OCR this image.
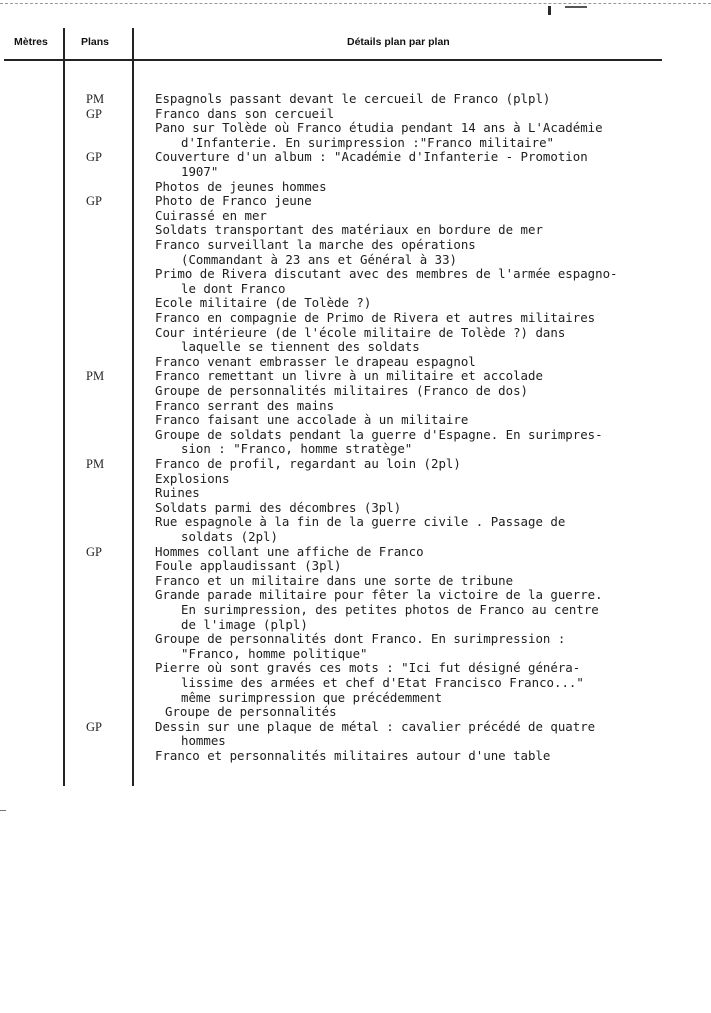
Mètres	Plans	Détails plan par plan
Espagnols passant devant le cercueil de Franco (plpl)
PM
Franco dans son cercueil
GP
Pano sur Tolède où Franco étudia pendant 14 ans à L'Académie
d'Infanterie. En surimpression :"Franco militaire"
Couverture d'un album : "Académie d'Infanterie - Promotion
GP
1907"
Photos de jeunes hommes
Photo de Franco jeune
GP
Cuirassé en mer
Soldats transportant des matériaux en bordure de mer
Franco surveillant la marche des opérations
(Commandant à 23 ans et Général à 33)
Primo de Rivera discutant avec des membres de l'armée espagno-
le dont Franco
Ecole militaire (de Tolède ?)
Franco en compagnie de Primo de Rivera et autres militaires
Cour intérieure (de l'école militaire de Tolède ?) dans
laquelle se tiennent des soldats
Franco venant embrasser le drapeau espagnol
Franco remettant un livre à un militaire et accolade
PM
Groupe de personnalités militaires (Franco de dos)
Franco serrant des mains
Franco faisant une accolade à un militaire
Groupe de soldats pendant la guerre d'Espagne. En surimpres-
sion : "Franco, homme stratège"
Franco de profil, regardant au loin (2pl)
PM
Explosions
Ruines
Soldats parmi des décombres (3pl)
Rue espagnole à la fin de la guerre civile . Passage de
soldats (2pl)
Hommes collant une affiche de Franco
GP
Foule applaudissant (3pl)
Franco et un militaire dans une sorte de tribune
Grande parade militaire pour fêter la victoire de la guerre.
En surimpression, des petites photos de Franco au centre
de l'image (plpl)
Groupe de personnalités dont Franco. En surimpression :
"Franco, homme politique"
Pierre où sont gravés ces mots : "Ici fut désigné généra-
lissime des armées et chef d'Etat Francisco Franco..."
même surimpression que précédemment
Groupe de personnalités
Dessin sur une plaque de métal : cavalier précédé de quatre
GP
hommes
Franco et personnalités militaires autour d'une table
